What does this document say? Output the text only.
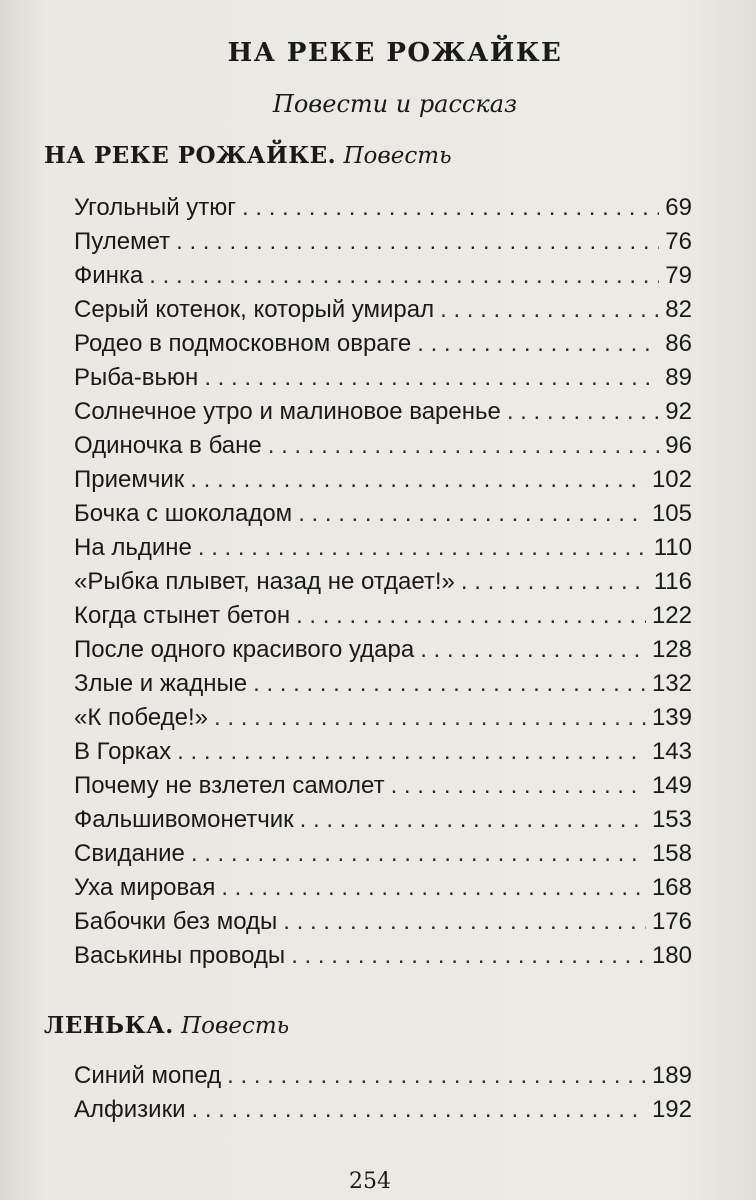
НА РЕКЕ РОЖАЙКЕ
Повести и рассказ
НА РЕКЕ РОЖАЙКЕ. Повесть
Угольный утюг . . .	69
Пулемет . . .	76
Финка . . .	79
Серый котенок, который умирал . . .	82
Родео в подмосковном овраге . . .	86
Рыба-вьюн . . .	89
Солнечное утро и малиновое варенье . . .	92
Одиночка в бане . . .	96
Приемчик . . .	102
Бочка с шоколадом . . .	105
На льдине . . .	110
«Рыбка плывет, назад не отдает!» . . .	116
Когда стынет бетон . . .	122
После одного красивого удара . . .	128
Злые и жадные . . .	132
«К победе!» . . .	139
В Горках . . .	143
Почему не взлетел самолет . . .	149
Фальшивомонетчик . . .	153
Свидание . . .	158
Уха мировая . . .	168
Бабочки без моды . . .	176
Васькины проводы . . .	180
ЛЕНЬКА. Повесть
Синий мопед . . .	189
Алфизики . . .	192
254
